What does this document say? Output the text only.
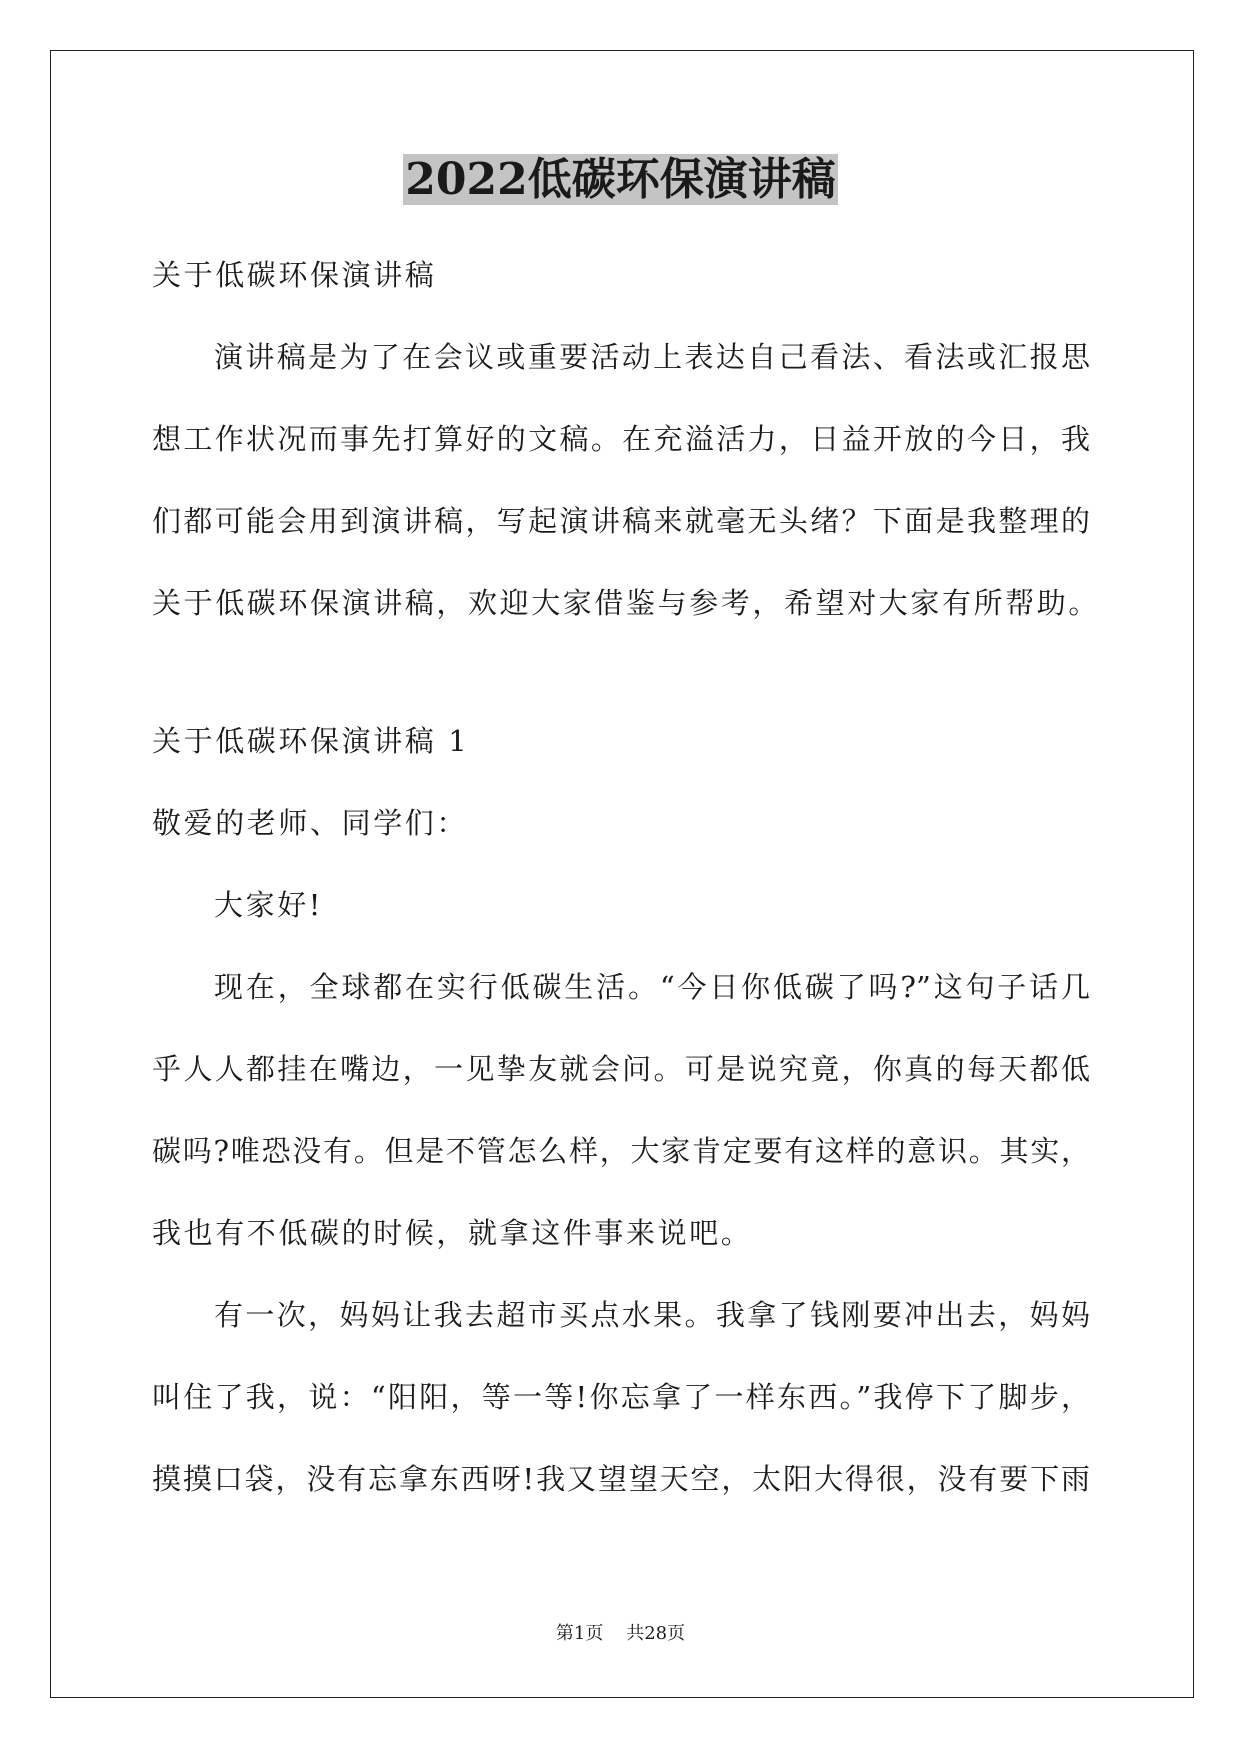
2022低碳环保演讲稿

关于低碳环保演讲稿

演讲稿是为了在会议或重要活动上表达自己看法、看法或汇报思

想工作状况而事先打算好的文稿。在充溢活力，日益开放的今日，我

们都可能会用到演讲稿，写起演讲稿来就毫无头绪？下面是我整理的

关于低碳环保演讲稿，欢迎大家借鉴与参考，希望对大家有所帮助。

关于低碳环保演讲稿 1

敬爱的老师、同学们：

大家好!

现在，全球都在实行低碳生活。“今日你低碳了吗?”这句子话几

乎人人都挂在嘴边，一见挚友就会问。可是说究竟，你真的每天都低

碳吗?唯恐没有。但是不管怎么样，大家肯定要有这样的意识。其实，

我也有不低碳的时候，就拿这件事来说吧。

有一次，妈妈让我去超市买点水果。我拿了钱刚要冲出去，妈妈

叫住了我，说：“阳阳，等一等!你忘拿了一样东西。”我停下了脚步，

摸摸口袋，没有忘拿东西呀!我又望望天空，太阳大得很，没有要下雨

第1页 共28页
